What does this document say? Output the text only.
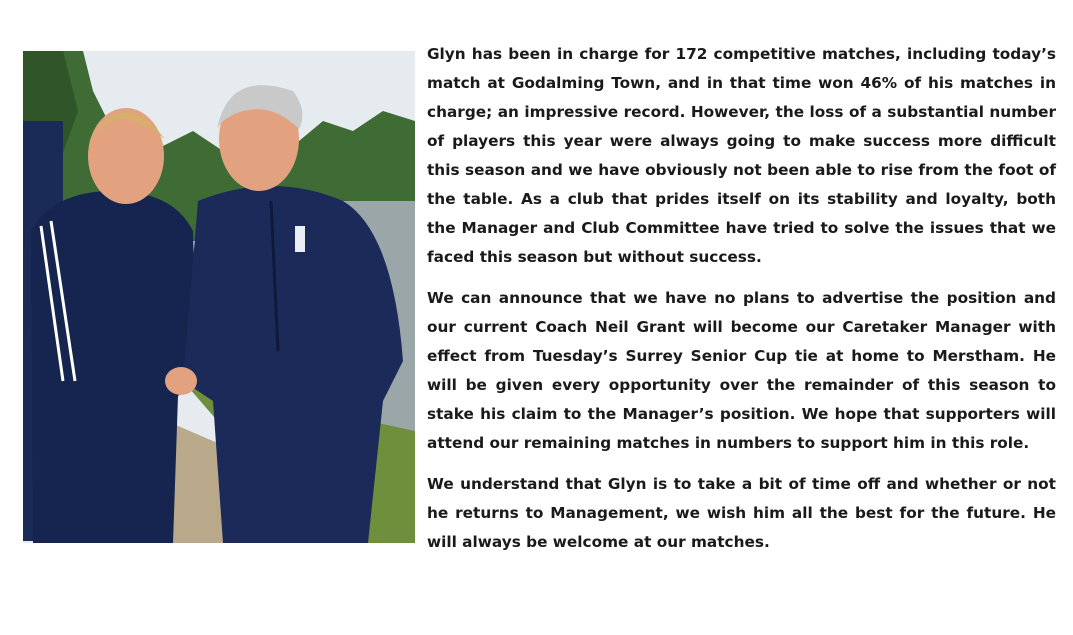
Glyn has been in charge for 172 competitive matches, including today’s match at Godalming Town, and in that time won 46% of his matches in charge; an impressive record. However, the loss of a substantial number of players this year were always going to make success more difficult this season and we have obviously not been able to rise from the foot of the table. As a club that prides itself on its stability and loyalty, both the Manager and Club Committee have tried to solve the issues that we faced this season but without success.

We can announce that we have no plans to advertise the position and our current Coach Neil Grant will become our Caretaker Manager with effect from Tuesday’s Surrey Senior Cup tie at home to Merstham. He will be given every opportunity over the remainder of this season to stake his claim to the Manager’s position. We hope that supporters will attend our remaining matches in numbers to support him in this role.

We understand that Glyn is to take a bit of time off and whether or not he returns to Management, we wish him all the best for the future. He will always be welcome at our matches.
